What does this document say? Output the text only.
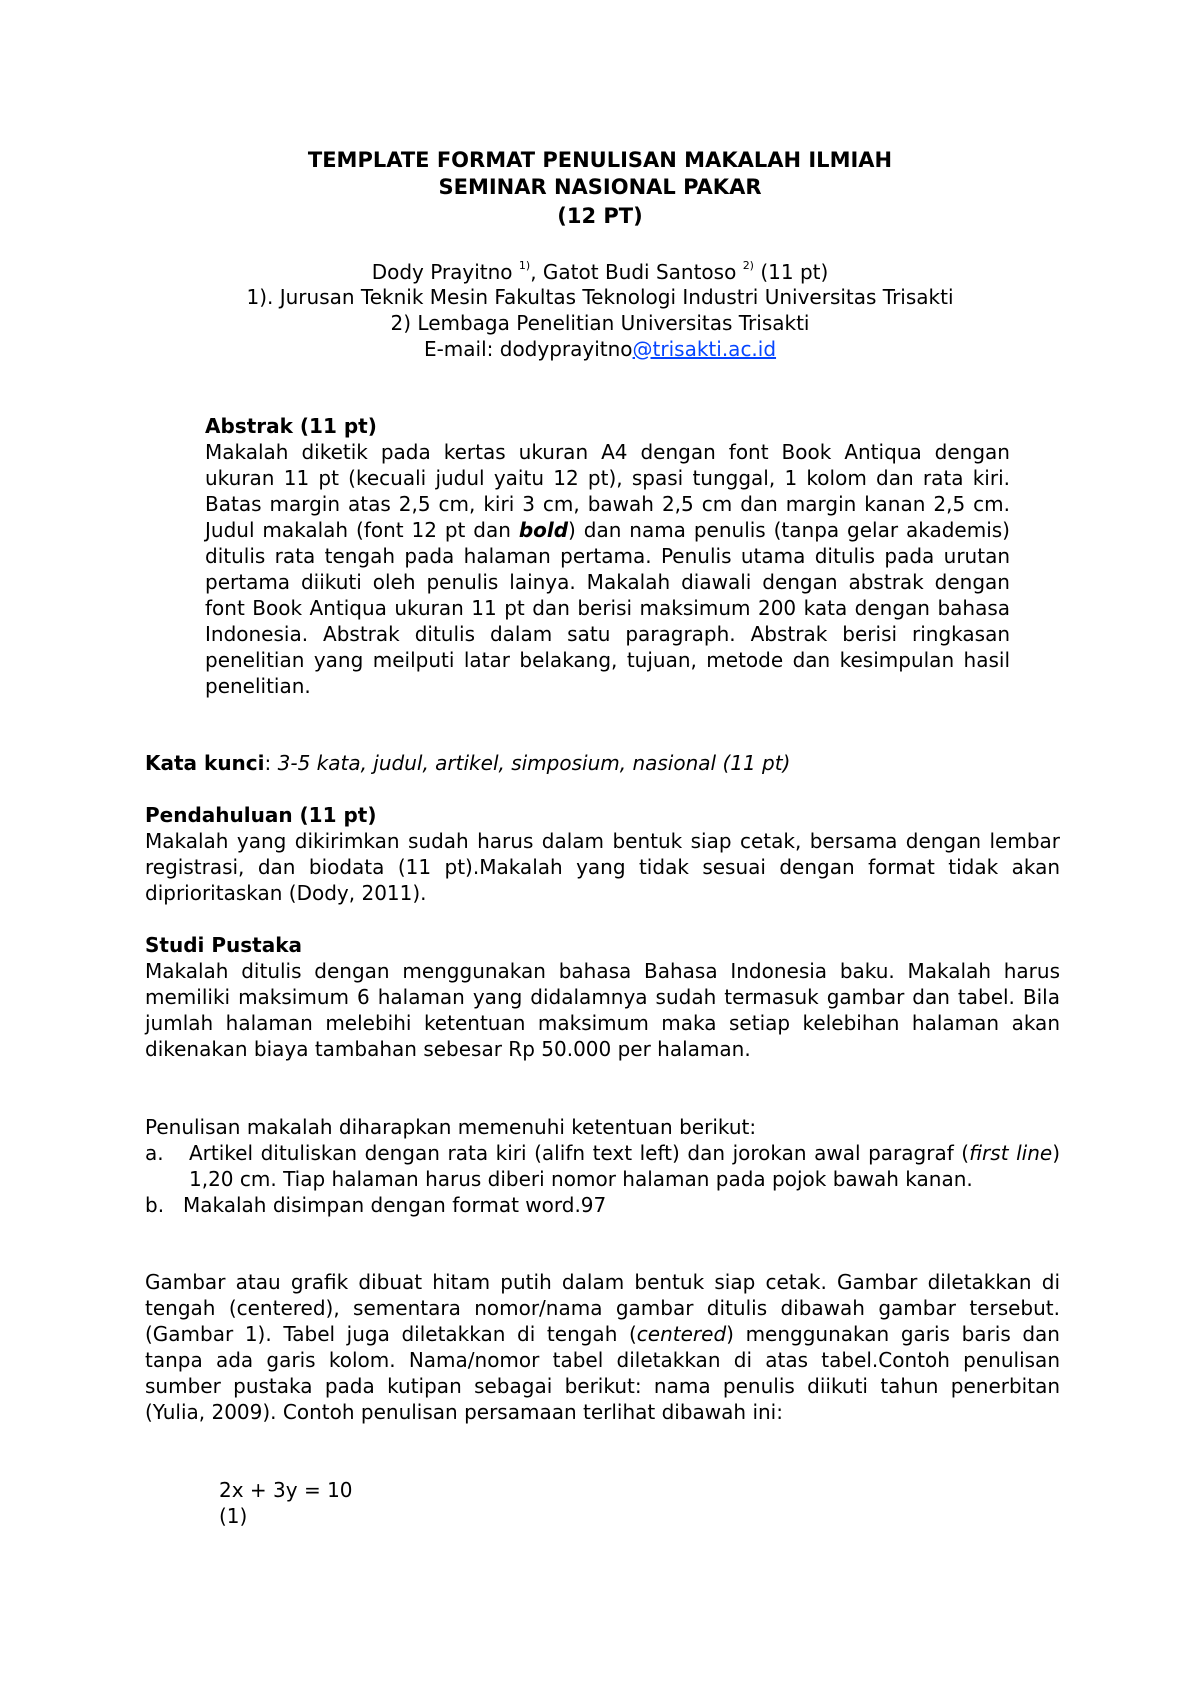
TEMPLATE FORMAT PENULISAN MAKALAH ILMIAH
SEMINAR NASIONAL PAKAR
(12 PT)
Dody Prayitno $^{1)}$, Gatot Budi Santoso $^{2)}$ (11 pt)
1). Jurusan Teknik Mesin Fakultas Teknologi Industri Universitas Trisakti
2) Lembaga Penelitian Universitas Trisakti
E-mail: dodyprayitno@trisakti.ac.id
Abstrak (11 pt)
Makalah diketik pada kertas ukuran A4 dengan font Book Antiqua dengan ukuran 11 pt (kecuali judul yaitu 12 pt), spasi tunggal, 1 kolom dan rata kiri. Batas margin atas 2,5 cm, kiri 3 cm, bawah 2,5 cm dan margin kanan 2,5 cm. Judul makalah (font 12 pt dan bold) dan nama penulis (tanpa gelar akademis) ditulis rata tengah pada halaman pertama. Penulis utama ditulis pada urutan pertama diikuti oleh penulis lainya. Makalah diawali dengan abstrak dengan font Book Antiqua ukuran 11 pt dan berisi maksimum 200 kata dengan bahasa Indonesia. Abstrak ditulis dalam satu paragraph. Abstrak berisi ringkasan penelitian yang meilputi latar belakang, tujuan, metode dan kesimpulan hasil penelitian.
Kata kunci: 3-5 kata, judul, artikel, simposium, nasional (11 pt)
Pendahuluan (11 pt)
Makalah yang dikirimkan sudah harus dalam bentuk siap cetak, bersama dengan lembar registrasi, dan biodata (11 pt).Makalah yang tidak sesuai dengan format tidak akan diprioritaskan (Dody, 2011).
Studi Pustaka
Makalah ditulis dengan menggunakan bahasa Bahasa Indonesia baku. Makalah harus memiliki maksimum 6 halaman yang didalamnya sudah termasuk gambar dan tabel. Bila jumlah halaman melebihi ketentuan maksimum maka setiap kelebihan halaman akan dikenakan biaya tambahan sebesar Rp 50.000 per halaman.
Penulisan makalah diharapkan memenuhi ketentuan berikut:
a. Artikel dituliskan dengan rata kiri (alifn text left) dan jorokan awal paragraf (first line) 1,20 cm. Tiap halaman harus diberi nomor halaman pada pojok bawah kanan.
b. Makalah disimpan dengan format word.97
Gambar atau grafik dibuat hitam putih dalam bentuk siap cetak. Gambar diletakkan di tengah (centered), sementara nomor/nama gambar ditulis dibawah gambar tersebut. (Gambar 1). Tabel juga diletakkan di tengah (centered) menggunakan garis baris dan tanpa ada garis kolom. Nama/nomor tabel diletakkan di atas tabel.Contoh penulisan sumber pustaka pada kutipan sebagai berikut: nama penulis diikuti tahun penerbitan (Yulia, 2009). Contoh penulisan persamaan terlihat dibawah ini:
2x + 3y = 10
(1)
